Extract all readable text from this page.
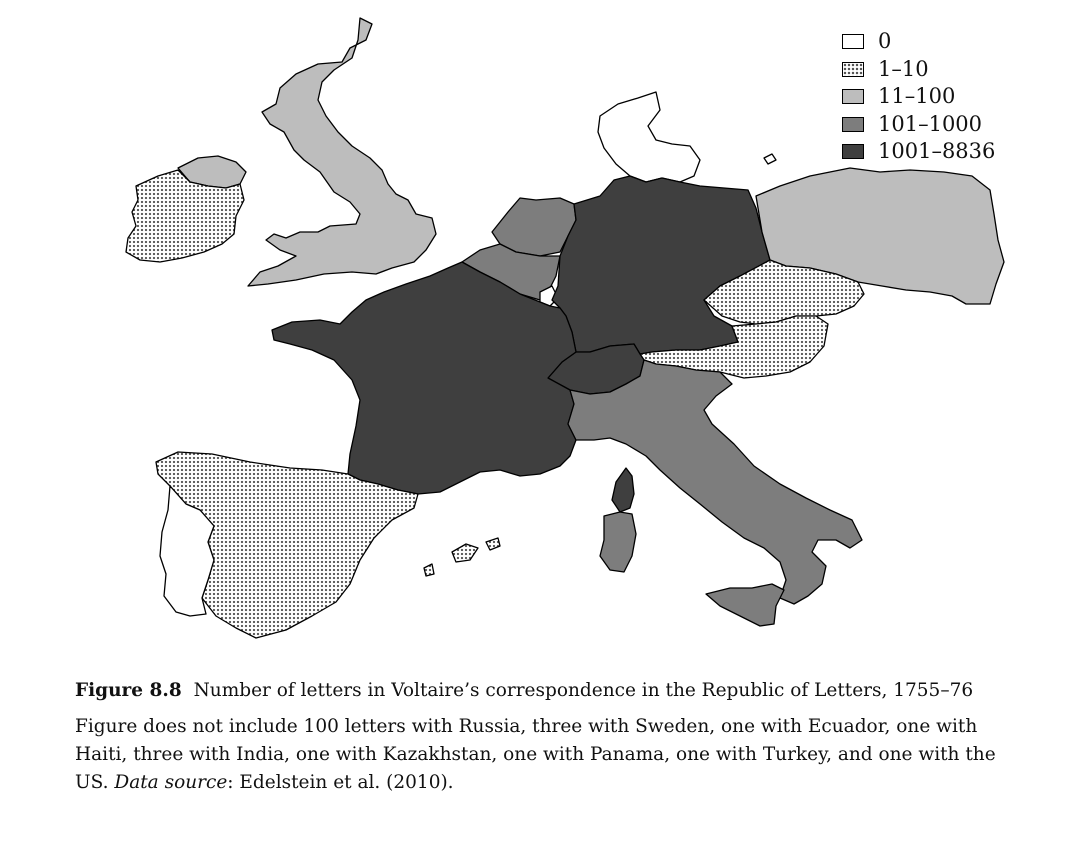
0
1–10
11–100
101–1000
1001–8836

Figure 8.8 Number of letters in Voltaire’s correspondence in the Republic of Letters, 1755–76

Figure does not include 100 letters with Russia, three with Sweden, one with Ecuador, one with Haiti, three with India, one with Kazakhstan, one with Panama, one with Turkey, and one with the US. Data source: Edelstein et al. (2010).
